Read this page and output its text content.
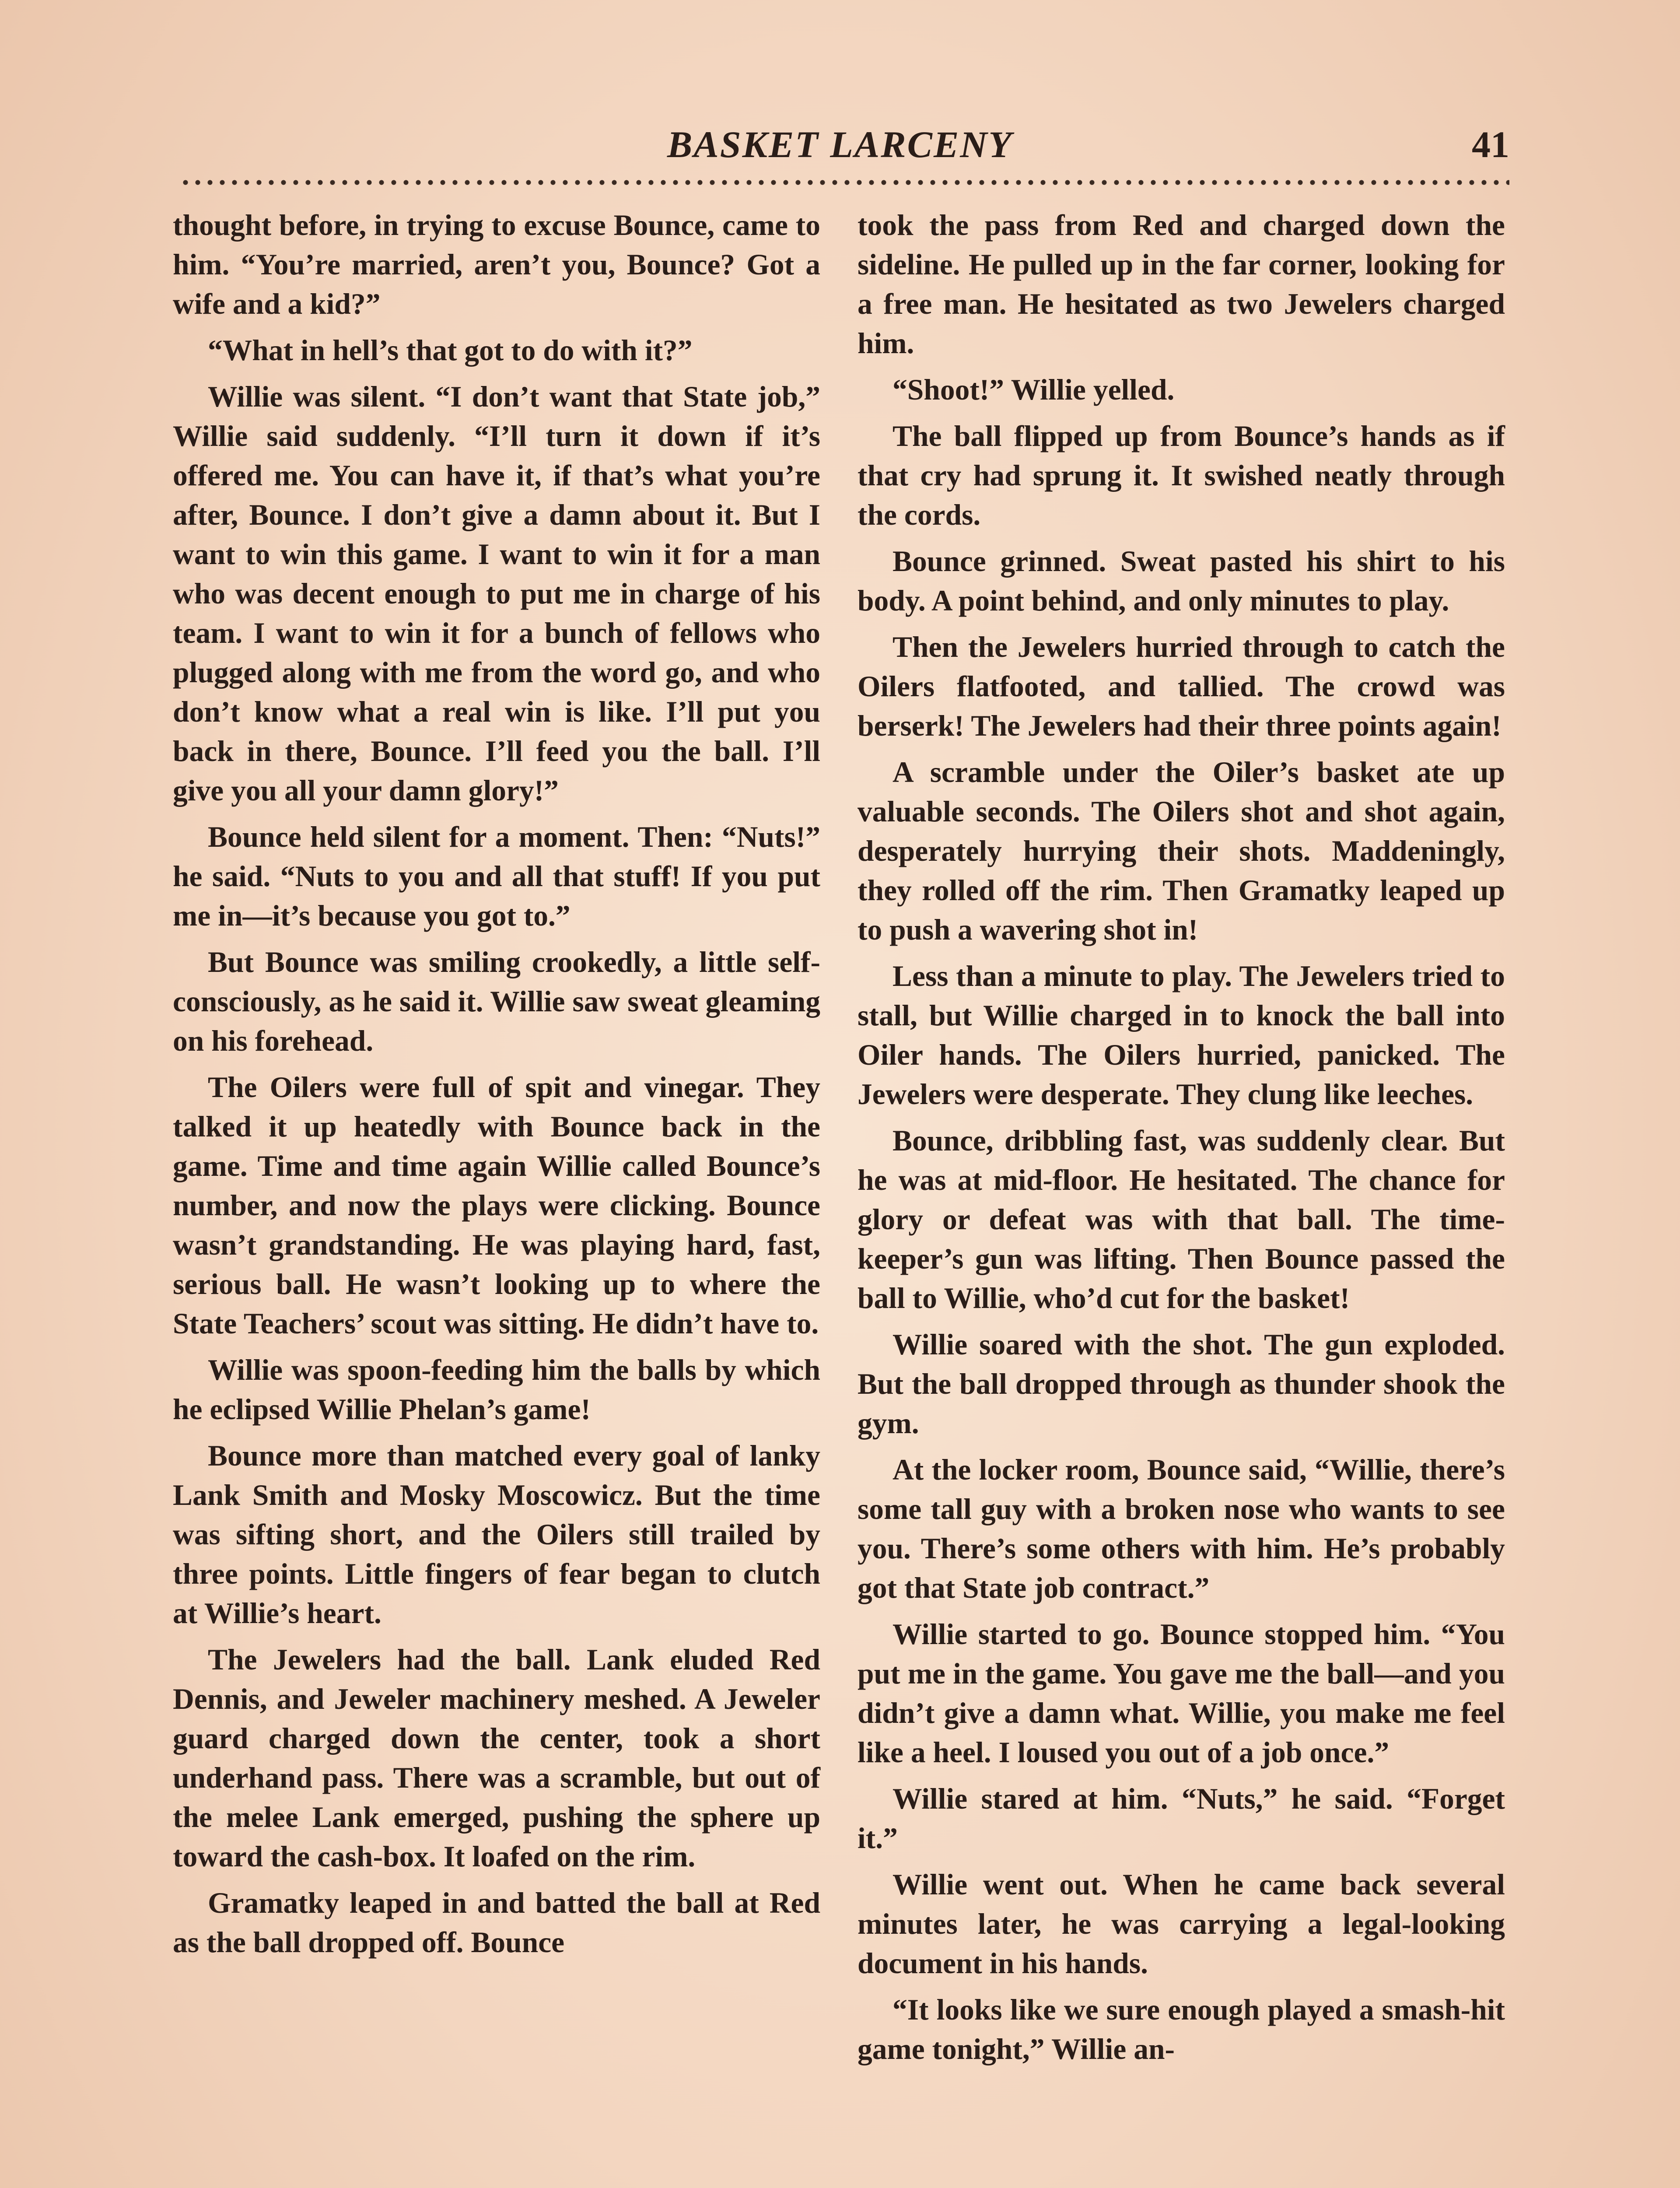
BASKET LARCENY	41

thought before, in trying to excuse Bounce, came to him. “You’re married, aren’t you, Bounce? Got a wife and a kid?”

“What in hell’s that got to do with it?”

Willie was silent. “I don’t want that State job,” Willie said suddenly. “I’ll turn it down if it’s offered me. You can have it, if that’s what you’re after, Bounce. I don’t give a damn about it. But I want to win this game. I want to win it for a man who was decent enough to put me in charge of his team. I want to win it for a bunch of fellows who plugged along with me from the word go, and who don’t know what a real win is like. I’ll put you back in there, Bounce. I’ll feed you the ball. I’ll give you all your damn glory!”

Bounce held silent for a moment. Then: “Nuts!” he said. “Nuts to you and all that stuff! If you put me in—it’s because you got to.”

But Bounce was smiling crookedly, a little self-consciously, as he said it. Willie saw sweat gleaming on his forehead.

The Oilers were full of spit and vinegar. They talked it up heatedly with Bounce back in the game. Time and time again Willie called Bounce’s number, and now the plays were clicking. Bounce wasn’t grandstanding. He was playing hard, fast, serious ball. He wasn’t looking up to where the State Teachers’ scout was sitting. He didn’t have to.

Willie was spoon-feeding him the balls by which he eclipsed Willie Phelan’s game!

Bounce more than matched every goal of lanky Lank Smith and Mosky Moscowicz. But the time was sifting short, and the Oilers still trailed by three points. Little fingers of fear began to clutch at Willie’s heart.

The Jewelers had the ball. Lank eluded Red Dennis, and Jeweler machinery meshed. A Jeweler guard charged down the center, took a short underhand pass. There was a scramble, but out of the melee Lank emerged, pushing the sphere up toward the cash-box. It loafed on the rim.

Gramatky leaped in and batted the ball at Red as the ball dropped off. Bounce

took the pass from Red and charged down the sideline. He pulled up in the far corner, looking for a free man. He hesitated as two Jewelers charged him.

“Shoot!” Willie yelled.

The ball flipped up from Bounce’s hands as if that cry had sprung it. It swished neatly through the cords.

Bounce grinned. Sweat pasted his shirt to his body. A point behind, and only minutes to play.

Then the Jewelers hurried through to catch the Oilers flatfooted, and tallied. The crowd was berserk! The Jewelers had their three points again!

A scramble under the Oiler’s basket ate up valuable seconds. The Oilers shot and shot again, desperately hurrying their shots. Maddeningly, they rolled off the rim. Then Gramatky leaped up to push a wavering shot in!

Less than a minute to play. The Jewelers tried to stall, but Willie charged in to knock the ball into Oiler hands. The Oilers hurried, panicked. The Jewelers were desperate. They clung like leeches.

Bounce, dribbling fast, was suddenly clear. But he was at mid-floor. He hesitated. The chance for glory or defeat was with that ball. The time-keeper’s gun was lifting. Then Bounce passed the ball to Willie, who’d cut for the basket!

Willie soared with the shot. The gun exploded. But the ball dropped through as thunder shook the gym.

At the locker room, Bounce said, “Willie, there’s some tall guy with a broken nose who wants to see you. There’s some others with him. He’s probably got that State job contract.”

Willie started to go. Bounce stopped him. “You put me in the game. You gave me the ball—and you didn’t give a damn what. Willie, you make me feel like a heel. I loused you out of a job once.”

Willie stared at him. “Nuts,” he said. “Forget it.”

Willie went out. When he came back several minutes later, he was carrying a legal-looking document in his hands.

“It looks like we sure enough played a smash-hit game tonight,” Willie an-
